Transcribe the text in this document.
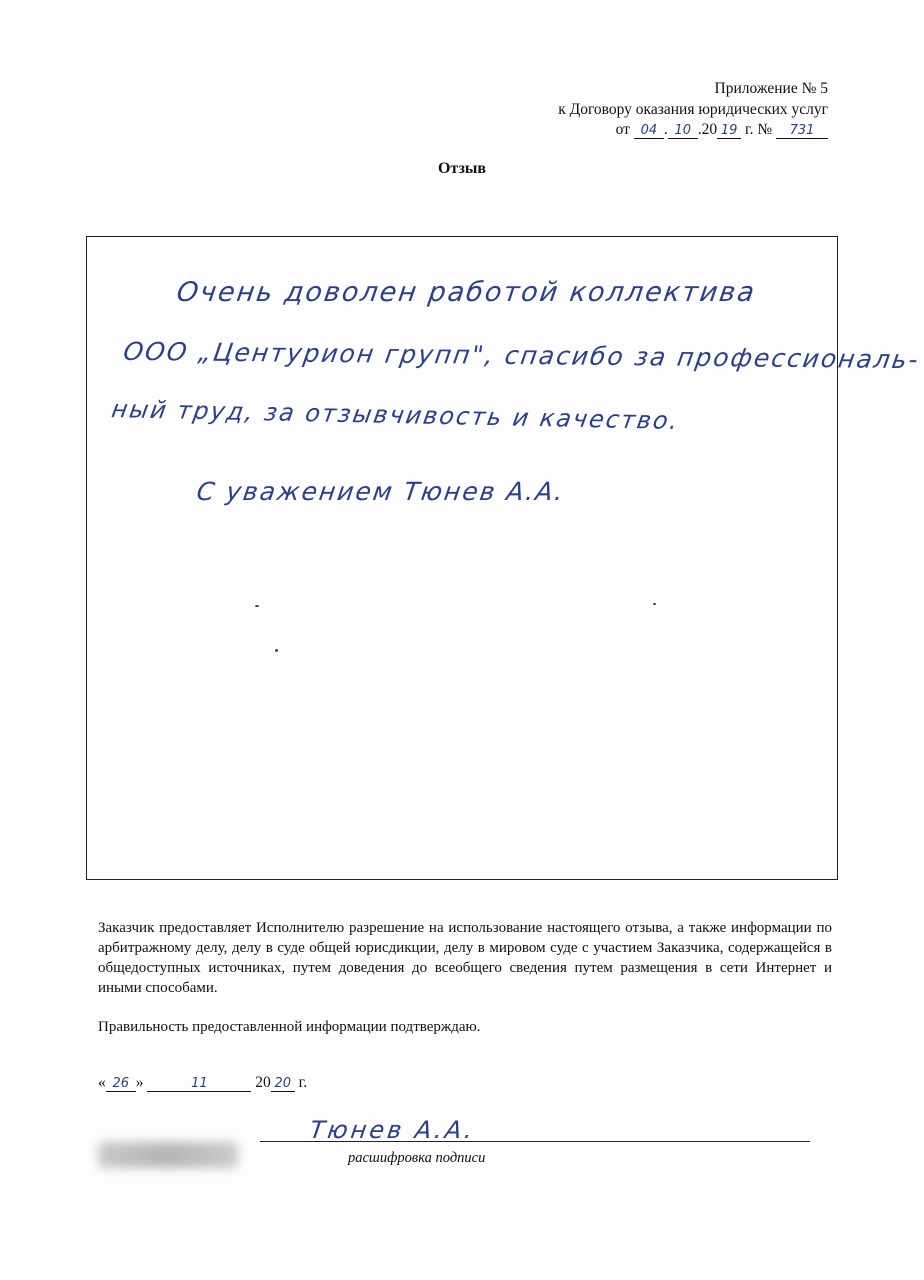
Приложение № 5
к Договору оказания юридических услуг
от 04 . 10 .20 19 г. № 731
Отзыв
Очень доволен работой коллектива
ООО „Центурион групп", спасибо за профессиональ-
ный труд, за отзывчивость и качество.
С уважением Тюнев А.А.
Заказчик предоставляет Исполнителю разрешение на использование настоящего отзыва, а также информации по арбитражному делу, делу в суде общей юрисдикции, делу в мировом суде с участием Заказчика, содержащейся в общедоступных источниках, путем доведения до всеобщего сведения путем размещения в сети Интернет и иными способами.
Правильность предоставленной информации подтверждаю.
« 26 »	11	20 20 г.
Тюнев А.А.
расшифровка подписи
